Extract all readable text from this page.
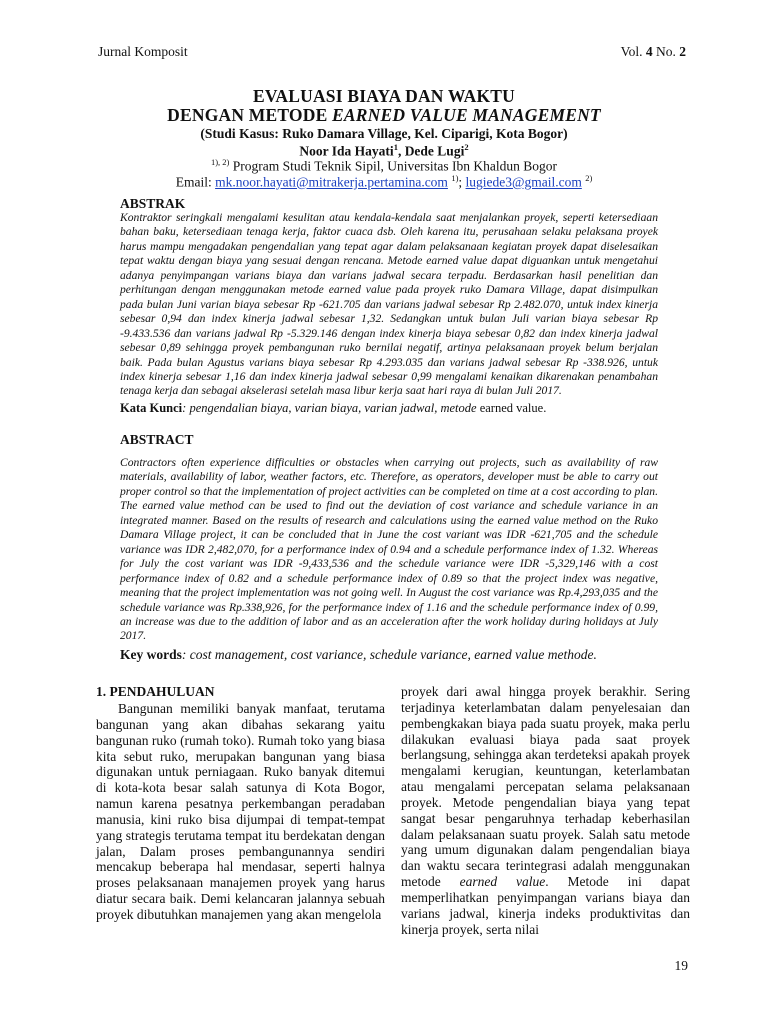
Jurnal Komposit	Vol. 4 No. 2
EVALUASI BIAYA DAN WAKTU
DENGAN METODE EARNED VALUE MANAGEMENT
(Studi Kasus: Ruko Damara Village, Kel. Ciparigi, Kota Bogor)
Noor Ida Hayati$^1$, Dede Lugi$^2$
$^{1), 2)}$ Program Studi Teknik Sipil, Universitas Ibn Khaldun Bogor
Email: mk.noor.hayati@mitrakerja.pertamina.com $^{1)}$; lugiede3@gmail.com $^{2)}$
ABSTRAK

Kontraktor seringkali mengalami kesulitan atau kendala-kendala saat menjalankan proyek, seperti ketersediaan bahan baku, ketersediaan tenaga kerja, faktor cuaca dsb. Oleh karena itu, perusahaan selaku pelaksana proyek harus mampu mengadakan pengendalian yang tepat agar dalam pelaksanaan kegiatan proyek dapat diselesaikan tepat waktu dengan biaya yang sesuai dengan rencana. Metode earned value dapat diguankan untuk mengetahui adanya penyimpangan varians biaya dan varians jadwal secara terpadu. Berdasarkan hasil penelitian dan perhitungan dengan menggunakan metode earned value pada proyek ruko Damara Village, dapat disimpulkan pada bulan Juni varian biaya sebesar Rp -621.705 dan varians jadwal sebesar Rp 2.482.070, untuk index kinerja sebesar 0,94 dan index kinerja jadwal sebesar 1,32. Sedangkan untuk bulan Juli varian biaya sebesar Rp -9.433.536 dan varians jadwal Rp -5.329.146 dengan index kinerja biaya sebesar 0,82 dan index kinerja jadwal sebesar 0,89 sehingga proyek pembangunan ruko bernilai negatif, artinya pelaksanaan proyek belum berjalan baik. Pada bulan Agustus varians biaya sebesar Rp 4.293.035 dan varians jadwal sebesar Rp -338.926, untuk index kinerja sebesar 1,16 dan index kinerja jadwal sebesar 0,99 mengalami kenaikan dikarenakan penambahan tenaga kerja dan sebagai akselerasi setelah masa libur kerja saat hari raya di bulan Juli 2017.

Kata Kunci: pengendalian biaya, varian biaya, varian jadwal, metode earned value.
ABSTRACT

Contractors often experience difficulties or obstacles when carrying out projects, such as availability of raw materials, availability of labor, weather factors, etc. Therefore, as operators, developer must be able to carry out proper control so that the implementation of project activities can be completed on time at a cost according to plan. The earned value method can be used to find out the deviation of cost variance and schedule variance in an integrated manner. Based on the results of research and calculations using the earned value method on the Ruko Damara Village project, it can be concluded that in June the cost variant was IDR -621,705 and the schedule variance was IDR 2,482,070, for a performance index of 0.94 and a schedule performance index of 1.32. Whereas for July the cost variant was IDR -9,433,536 and the schedule variance were IDR -5,329,146 with a cost performance index of 0.82 and a schedule performance index of 0.89 so that the project index was negative, meaning that the project implementation was not going well. In August the cost variance was Rp.4,293,035 and the schedule variance was Rp.338,926, for the performance index of 1.16 and the schedule performance index of 0.99, an increase was due to the addition of labor and as an acceleration after the work holiday during holidays at July 2017.

Key words: cost management, cost variance, schedule variance, earned value methode.
1. PENDAHULUAN

Bangunan memiliki banyak manfaat, terutama bangunan yang akan dibahas sekarang yaitu bangunan ruko (rumah toko). Rumah toko yang biasa kita sebut ruko, merupakan bangunan yang biasa digunakan untuk perniagaan. Ruko banyak ditemui di kota-kota besar salah satunya di Kota Bogor, namun karena pesatnya perkembangan peradaban manusia, kini ruko bisa dijumpai di tempat-tempat yang strategis terutama tempat itu berdekatan dengan jalan, Dalam proses pembangunannya sendiri mencakup beberapa hal mendasar, seperti halnya proses pelaksanaan manajemen proyek yang harus diatur secara baik. Demi kelancaran jalannya sebuah proyek dibutuhkan manajemen yang akan mengelola

proyek dari awal hingga proyek berakhir. Sering terjadinya keterlambatan dalam penyelesaian dan pembengkakan biaya pada suatu proyek, maka perlu dilakukan evaluasi biaya pada saat proyek berlangsung, sehingga akan terdeteksi apakah proyek mengalami kerugian, keuntungan, keterlambatan atau mengalami percepatan selama pelaksanaan proyek. Metode pengendalian biaya yang tepat sangat besar pengaruhnya terhadap keberhasilan dalam pelaksanaan suatu proyek. Salah satu metode yang umum digunakan dalam pengendalian biaya dan waktu secara terintegrasi adalah menggunakan metode earned value. Metode ini dapat memperlihatkan penyimpangan varians biaya dan varians jadwal, kinerja indeks produktivitas dan kinerja proyek, serta nilai

19
